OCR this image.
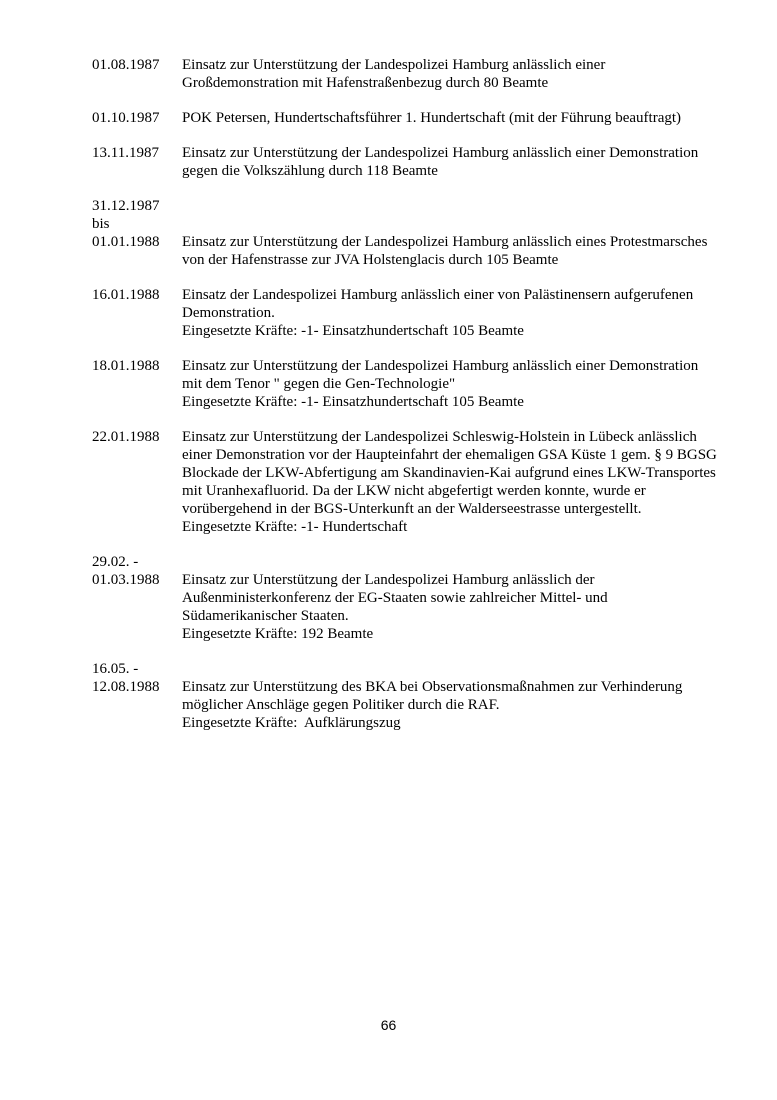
01.08.1987	Einsatz zur Unterstützung der Landespolizei Hamburg anlässlich einer
Großdemonstration mit Hafenstraßenbezug durch 80 Beamte
01.10.1987	POK Petersen, Hundertschaftsführer 1. Hundertschaft (mit der Führung beauftragt)
13.11.1987	Einsatz zur Unterstützung der Landespolizei Hamburg anlässlich einer Demonstration
gegen die Volkszählung durch 118 Beamte
31.12.1987
bis
01.01.1988	Einsatz zur Unterstützung der Landespolizei Hamburg anlässlich eines Protestmarsches
von der Hafenstrasse zur JVA Holstenglacis durch 105 Beamte
16.01.1988	Einsatz der Landespolizei Hamburg anlässlich einer von Palästinensern aufgerufenen
Demonstration.
Eingesetzte Kräfte: -1- Einsatzhundertschaft 105 Beamte
18.01.1988	Einsatz zur Unterstützung der Landespolizei Hamburg anlässlich einer Demonstration
mit dem Tenor " gegen die Gen-Technologie"
Eingesetzte Kräfte: -1- Einsatzhundertschaft 105 Beamte
22.01.1988	Einsatz zur Unterstützung der Landespolizei Schleswig-Holstein in Lübeck anlässlich
einer Demonstration vor der Haupteinfahrt der ehemaligen GSA Küste 1 gem. § 9 BGSG
Blockade der LKW-Abfertigung am Skandinavien-Kai aufgrund eines LKW-Transportes
mit Uranhexafluorid. Da der LKW nicht abgefertigt werden konnte, wurde er
vorübergehend in der BGS-Unterkunft an der Walderseestrasse untergestellt.
Eingesetzte Kräfte: -1- Hundertschaft
29.02. -
01.03.1988	Einsatz zur Unterstützung der Landespolizei Hamburg anlässlich der
Außenministerkonferenz der EG-Staaten sowie zahlreicher Mittel- und
Südamerikanischer Staaten.
Eingesetzte Kräfte: 192 Beamte
16.05. -
12.08.1988	Einsatz zur Unterstützung des BKA bei Observationsmaßnahmen zur Verhinderung
möglicher Anschläge gegen Politiker durch die RAF.
Eingesetzte Kräfte:  Aufklärungszug
66
